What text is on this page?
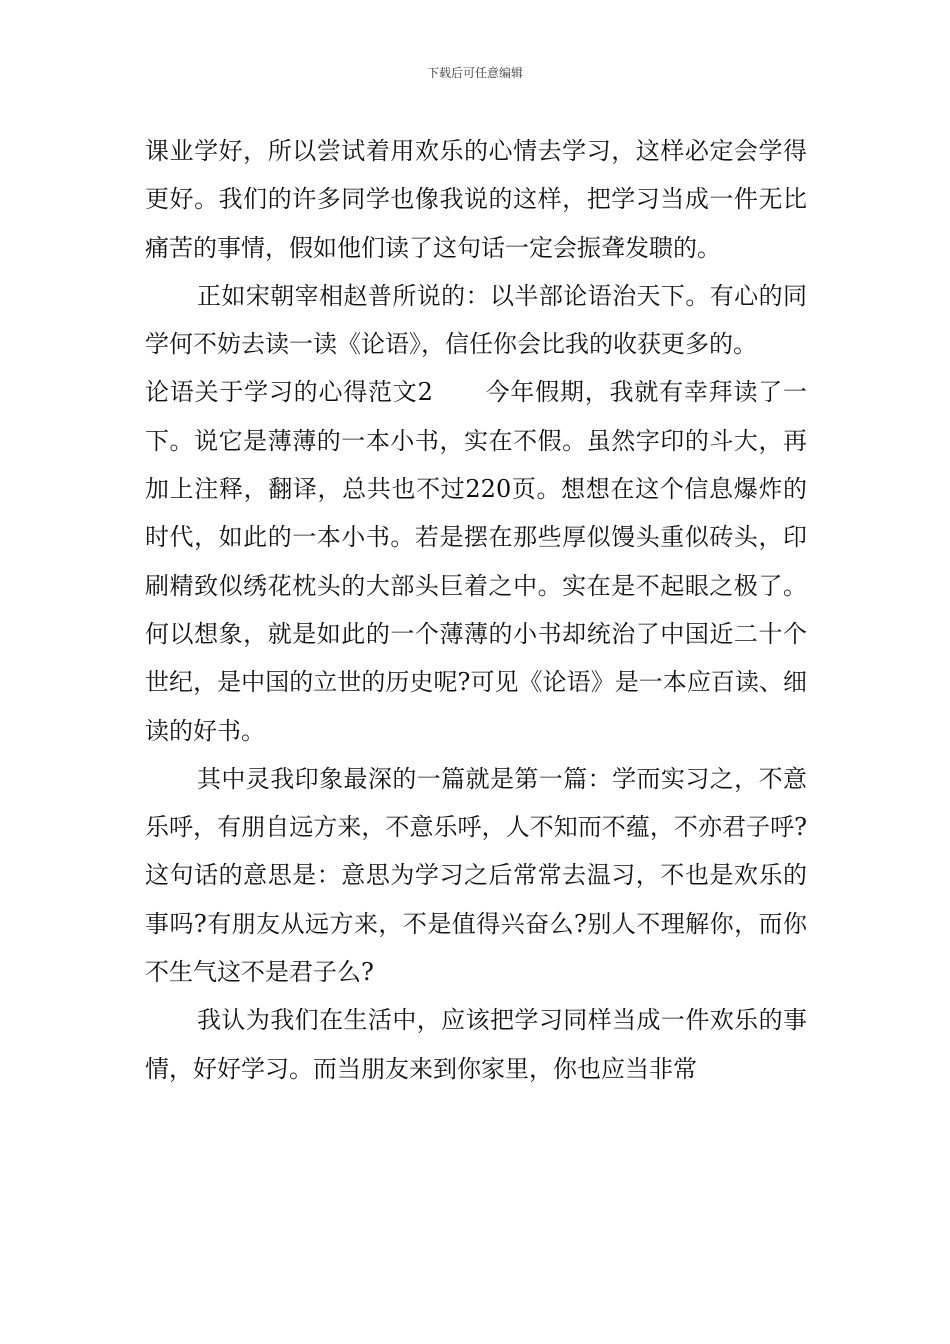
下载后可任意编辑

课业学好，所以尝试着用欢乐的心情去学习，这样必定会学得更好。我们的许多同学也像我说的这样，把学习当成一件无比痛苦的事情，假如他们读了这句话一定会振聋发聩的。

正如宋朝宰相赵普所说的：以半部论语治天下。有心的同学何不妨去读一读《论语》，信任你会比我的收获更多的。

论语关于学习的心得范文2 今年假期，我就有幸拜读了一下。说它是薄薄的一本小书，实在不假。虽然字印的斗大，再加上注释，翻译，总共也不过220页。想想在这个信息爆炸的时代，如此的一本小书。若是摆在那些厚似馒头重似砖头，印刷精致似绣花枕头的大部头巨着之中。实在是不起眼之极了。何以想象，就是如此的一个薄薄的小书却统治了中国近二十个世纪，是中国的立世的历史呢?可见《论语》是一本应百读、细读的好书。

其中灵我印象最深的一篇就是第一篇：学而实习之，不意乐呼，有朋自远方来，不意乐呼，人不知而不蕴，不亦君子呼?这句话的意思是：意思为学习之后常常去温习，不也是欢乐的事吗?有朋友从远方来，不是值得兴奋么?别人不理解你，而你不生气这不是君子么?

我认为我们在生活中，应该把学习同样当成一件欢乐的事情，好好学习。而当朋友来到你家里，你也应当非常
